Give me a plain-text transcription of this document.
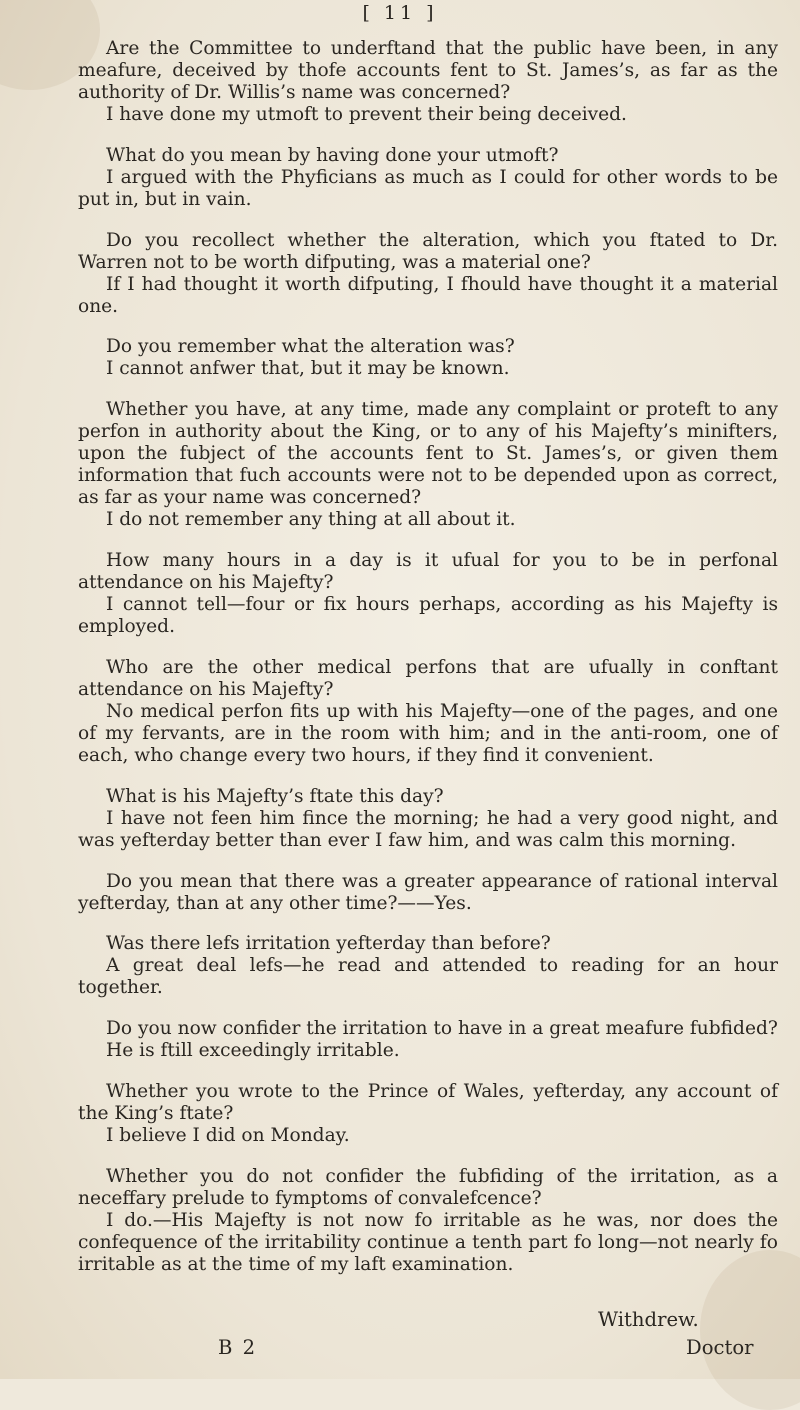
[ 11 ]

Are the Committee to underftand that the public have been, in any meafure, deceived by thofe accounts fent to St. James’s, as far as the authority of Dr. Willis’s name was concerned?

I have done my utmoft to prevent their being deceived.

What do you mean by having done your utmoft?

I argued with the Phyficians as much as I could for other words to be put in, but in vain.

Do you recollect whether the alteration, which you ftated to Dr. Warren not to be worth difputing, was a material one?

If I had thought it worth difputing, I fhould have thought it a material one.

Do you remember what the alteration was?

I cannot anfwer that, but it may be known.

Whether you have, at any time, made any complaint or proteft to any perfon in authority about the King, or to any of his Majefty’s minifters, upon the fubject of the accounts fent to St. James’s, or given them information that fuch accounts were not to be depended upon as correct, as far as your name was concerned?

I do not remember any thing at all about it.

How many hours in a day is it ufual for you to be in perfonal attendance on his Majefty?

I cannot tell—four or fix hours perhaps, according as his Majefty is employed.

Who are the other medical perfons that are ufually in conftant attendance on his Majefty?

No medical perfon fits up with his Majefty—one of the pages, and one of my fervants, are in the room with him; and in the anti-room, one of each, who change every two hours, if they find it convenient.

What is his Majefty’s ftate this day?

I have not feen him fince the morning; he had a very good night, and was yefterday better than ever I faw him, and was calm this morning.

Do you mean that there was a greater appearance of rational interval yefterday, than at any other time?——Yes.

Was there lefs irritation yefterday than before?

A great deal lefs—he read and attended to reading for an hour together.

Do you now confider the irritation to have in a great meafure fubfided?

He is ftill exceedingly irritable.

Whether you wrote to the Prince of Wales, yefterday, any account of the King’s ftate?

I believe I did on Monday.

Whether you do not confider the fubfiding of the irritation, as a neceffary prelude to fymptoms of convalefcence?

I do.—His Majefty is not now fo irritable as he was, nor does the confequence of the irritability continue a tenth part fo long—not nearly fo irritable as at the time of my laft examination.

Withdrew.
B 2	Doctor
